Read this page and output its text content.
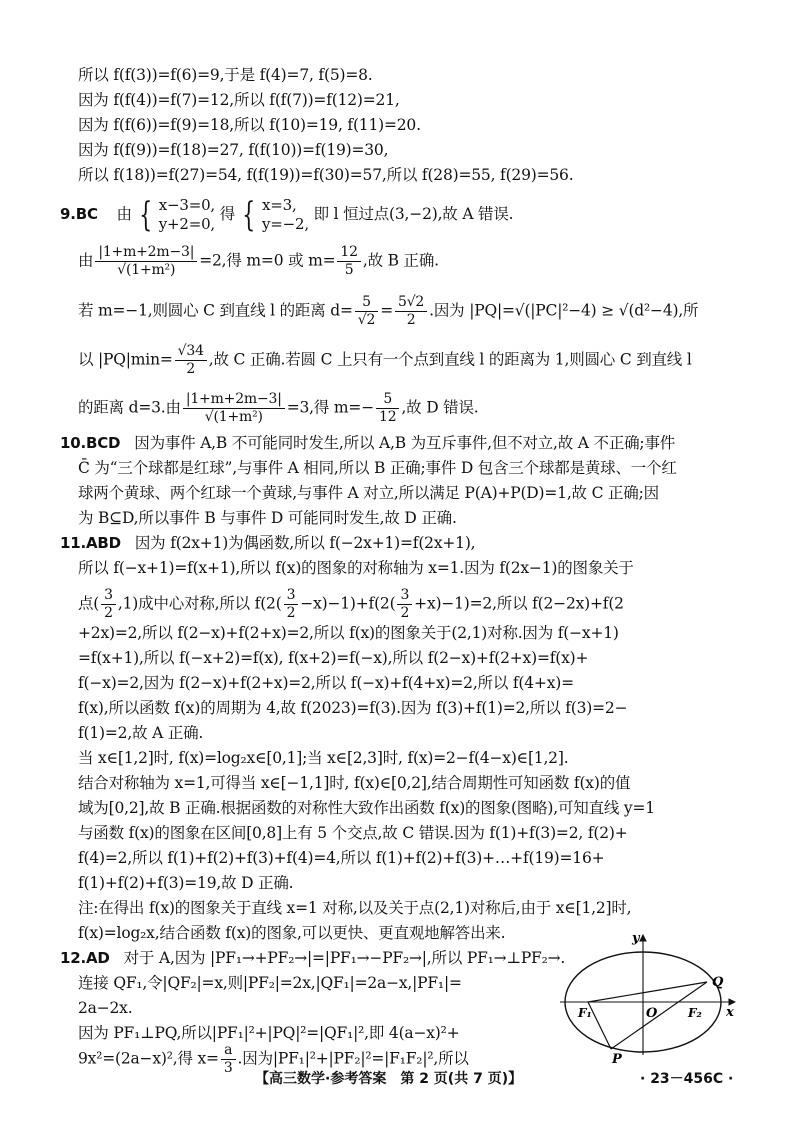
所以 f(f(3))=f(6)=9,于是 f(4)=7, f(5)=8.
因为 f(f(4))=f(7)=12,所以 f(f(7))=f(12)=21,
因为 f(f(6))=f(9)=18,所以 f(10)=19, f(11)=20.
因为 f(f(9))=f(18)=27, f(f(10))=f(19)=30,
所以 f(18))=f(27)=54, f(f(19))=f(30)=57,所以 f(28)=55, f(29)=56.
9.BC 由 { x−3=0,
y+2=0,
得 { x=3,
y=−2,
即 l 恒过点(3,−2),故 A 错误.
由 $\frac{|1+m+2m-3|}{\text{√(1+m²)}} =2$,得 m=0 或 $m= \frac{12}{5}$ ,故 B 正确.
若 m=−1,则圆心 C 到直线 l 的距离 $d= \frac{5}{√2} = \frac{5√2}{2}$ .因为 |PQ|=√(|PC|²−4) ≥ √(d²−4),所
以 $|PQ|\min= \frac{√34}{2}$ ,故 C 正确.若圆 C 上只有一个点到直线 l 的距离为 1,则圆心 C 到直线 l
的距离 d=3.由 $\frac{|1+m+2m-3|}{\text{√(1+m²)}} =3$,得 $m=- \frac{5}{12}$ ,故 D 错误.
10.BCD 因为事件 A,B 不可能同时发生,所以 A,B 为互斥事件,但不对立,故 A 不正确;事件
C̄ 为“三个球都是红球”,与事件 A 相同,所以 B 正确;事件 D 包含三个球都是黄球、一个红
球两个黄球、两个红球一个黄球,与事件 A 对立,所以满足 P(A)+P(D)=1,故 C 正确;因
为 B⊆D,所以事件 B 与事件 D 可能同时发生,故 D 正确.
11.ABD 因为 f(2x+1)为偶函数,所以 f(−2x+1)=f(2x+1),
所以 f(−x+1)=f(x+1),所以 f(x)的图象的对称轴为 x=1.因为 f(2x−1)的图象关于
点( $\frac{3}{2} ,1$)成中心对称,所以 $f(2( \frac{3}{2} -x)-1)+f(2( \frac{3}{2} +x)-1)=2$,所以 f(2−2x)+f(2
+2x)=2,所以 f(2−x)+f(2+x)=2,所以 f(x)的图象关于(2,1)对称.因为 f(−x+1)
=f(x+1),所以 f(−x+2)=f(x), f(x+2)=f(−x),所以 f(2−x)+f(2+x)=f(x)+
f(−x)=2,因为 f(2−x)+f(2+x)=2,所以 f(−x)+f(4+x)=2,所以 f(4+x)=
f(x),所以函数 f(x)的周期为 4,故 f(2023)=f(3).因为 f(3)+f(1)=2,所以 f(3)=2−
f(1)=2,故 A 正确.
当 x∈[1,2]时, f(x)=log₂x∈[0,1];当 x∈[2,3]时, f(x)=2−f(4−x)∈[1,2].
结合对称轴为 x=1,可得当 x∈[−1,1]时, f(x)∈[0,2],结合周期性可知函数 f(x)的值
域为[0,2],故 B 正确.根据函数的对称性大致作出函数 f(x)的图象(图略),可知直线 y=1
与函数 f(x)的图象在区间[0,8]上有 5 个交点,故 C 错误.因为 f(1)+f(3)=2, f(2)+
f(4)=2,所以 f(1)+f(2)+f(3)+f(4)=4,所以 f(1)+f(2)+f(3)+…+f(19)=16+
f(1)+f(2)+f(3)=19,故 D 正确.
注:在得出 f(x)的图象关于直线 x=1 对称,以及关于点(2,1)对称后,由于 x∈[1,2]时,
f(x)=log₂x,结合函数 f(x)的图象,可以更快、更直观地解答出来.
12.AD 对于 A,因为 |PF₁→+PF₂→|=|PF₁→−PF₂→|,所以 PF₁→⊥PF₂→.
连接 QF₁,令|QF₂|=x,则|PF₂|=2x,|QF₁|=2a−x,|PF₁|=
2a−2x.
因为 PF₁⊥PQ,所以|PF₁|²+|PQ|²=|QF₁|²,即 4(a−x)²+
9x²=(2a−x)²,得 $x= \frac{a}{3}$ .因为|PF₁|²+|PF₂|²=|F₁F₂|²,所以
y
x
O
F₁	F₂
Q
P
【高三数学·参考答案　第 2 页(共 7 页)】	· 23－456C ·
